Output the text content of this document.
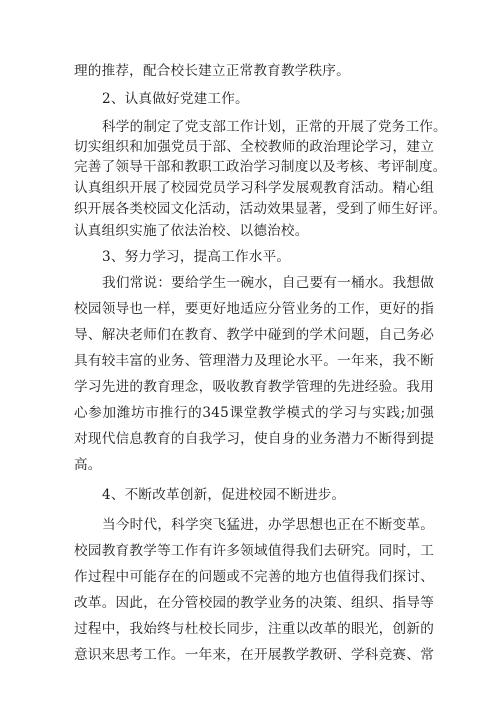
理的推荐，配合校长建立正常教育教学秩序。
2、认真做好党建工作。
科学的制定了党支部工作计划，正常的开展了党务工作。
切实组织和加强党员于部、全校教师的政治理论学习，建立
完善了领导干部和教职工政治学习制度以及考核、考评制度。
认真组织开展了校园党员学习科学发展观教育活动。精心组
织开展各类校园文化活动，活动效果显著，受到了师生好评。
认真组织实施了依法治校、以德治校。
3、努力学习，提高工作水平。
我们常说：要给学生一碗水，自己要有一桶水。我想做
校园领导也一样，要更好地适应分管业务的工作，更好的指
导、解决老师们在教育、教学中碰到的学术问题，自己务必
具有较丰富的业务、管理潜力及理论水平。一年来，我不断
学习先进的教育理念，吸收教育教学管理的先进经验。我用
心参加潍坊市推行的345课堂教学模式的学习与实践;加强
对现代信息教育的自我学习，使自身的业务潜力不断得到提
高。
4、不断改革创新，促进校园不断进步。
当今时代，科学突飞猛进，办学思想也正在不断变革。
校园教育教学等工作有许多领域值得我们去研究。同时，工
作过程中可能存在的问题或不完善的地方也值得我们探讨、
改革。因此，在分管校园的教学业务的决策、组织、指导等
过程中，我始终与杜校长同步，注重以改革的眼光，创新的
意识来思考工作。一年来，在开展教学教研、学科竞赛、常
